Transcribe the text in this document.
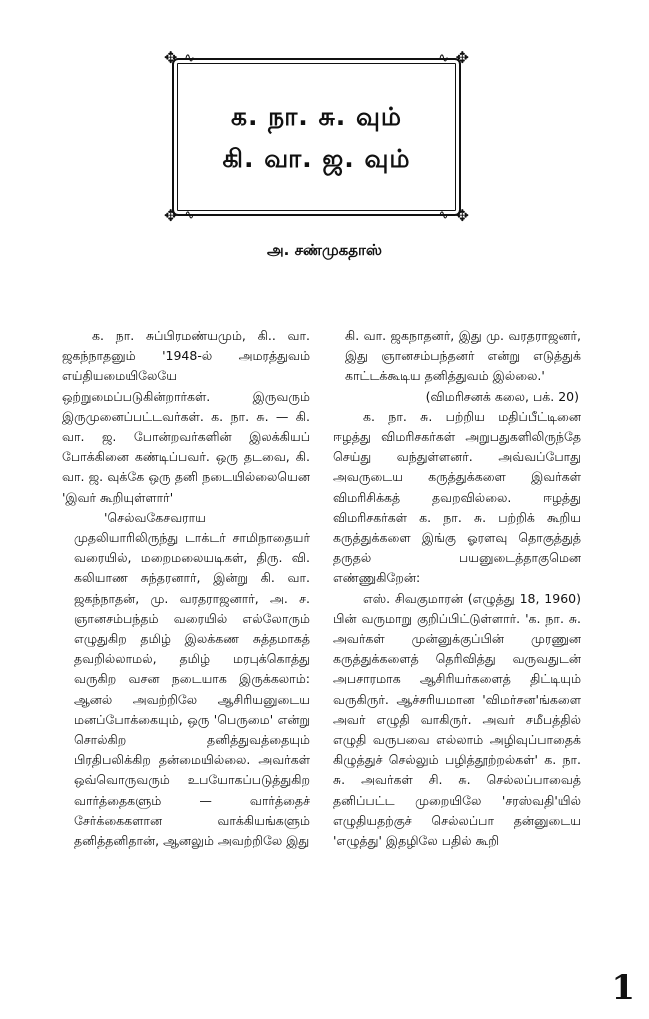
✥	✥
✥	✥
∿	∿
∿	∿
க. நா. சு. வும்
கி. வா. ஜ. வும்
அ. சண்முகதாஸ்

க. நா. சுப்பிரமண்யமும், கி.. வா. ஜகந்நாதனும் '1948-ல் அமரத்துவம் எய்தியமையிலேயே ஒற்றுமைப்படுகின்றார்கள். இருவரும் இருமுனைப்பட்டவர்கள். க. நா. சு. — கி. வா. ஜ. போன்றவர்களின் இலக்கியப் போக்கினை கண்டிப்பவர். ஒரு தடவை, கி. வா. ஜ. வுக்கே ஒரு தனி நடையில்லையென 'இவர் கூறியுள்ளார்'

'செல்வகேசவராய முதலியாரிலிருந்து டாக்டர் சாமிநாதையர் வரையில், மறைமலையடிகள், திரு. வி. கலியாண சுந்தரனார், இன்று கி. வா. ஜகந்நாதன், மு. வரதராஜனார், அ. ச. ஞானசம்பந்தம் வரையில் எல்லோரும் எழுதுகிற தமிழ் இலக்கண சுத்தமாகத் தவறில்லாமல், தமிழ் மரபுக்கொத்து வருகிற வசன நடையாக இருக்கலாம்: ஆனல் அவற்றிலே ஆசிரியனுடைய மனப்போக்கையும், ஒரு 'பெருமை' என்று சொல்கிற தனித்துவத்தையும் பிரதிபலிக்கிற தன்மையில்லை. அவர்கள் ஒவ்வொருவரும் உபயோகப்படுத்துகிற வார்த்தைகளும் — வார்த்தைச் சேர்க்கைகளான வாக்கியங்களும் தனித்தனிதான், ஆனலும் அவற்றிலே இது

கி. வா. ஜகநாதனர், இது மு. வரதராஜனர், இது ஞானசம்பந்தனர் என்று எடுத்துக் காட்டக்கூடிய தனித்துவம் இல்லை.'

(விமரிசனக் கலை, பக். 20)

க. நா. சு. பற்றிய மதிப்பீட்டினை ஈழத்து விமரிசகர்கள் அறுபதுகளிலிருந்தே செய்து வந்துள்ளனர். அவ்வப்போது அவருடைய கருத்துக்களை இவர்கள் விமரிசிக்கத் தவறவில்லை. ஈழத்து விமரிசகர்கள் க. நா. சு. பற்றிக் கூறிய கருத்துக்களை இங்கு ஓரளவு தொகுத்துத் தருதல் பயனுடைத்தாகுமென எண்ணுகிறேன்:

எஸ். சிவகுமாரன் (எழுத்து 18, 1960) பின் வருமாறு குறிப்பிட்டுள்ளார். 'க. நா. சு. அவர்கள் முன்னுக்குப்பின் முரணுன கருத்துக்களைத் தெரிவித்து வருவதுடன் அபசாரமாக ஆசிரியர்களைத் திட்டியும் வருகிருர். ஆச்சரியமான 'விமர்சன'ங்களை அவர் எழுதி வாகிருர். அவர் சமீபத்தில் எழுதி வருபவை எல்லாம் அழிவுப்பாதைக் கிழுத்துச் செல்லும் பழித்தூற்றல்கள்' க. நா. சு. அவர்கள் சி. சு. செல்லப்பாவைத் தனிப்பட்ட முறையிலே 'சரஸ்வதி'யில் எழுதியதற்குச் செல்லப்பா தன்னுடைய 'எழுத்து' இதழிலே பதில் கூறி

1
